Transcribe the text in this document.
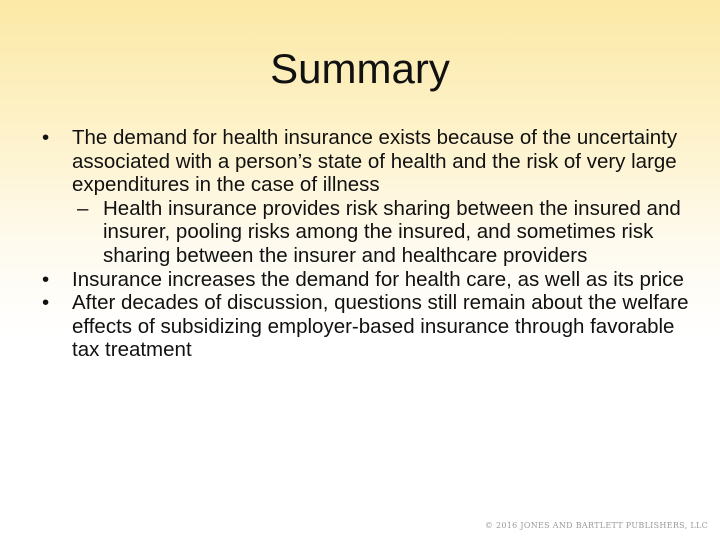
Summary
• The demand for health insurance exists because of the uncertainty associated with a person’s state of health and the risk of very large expenditures in the case of illness
– Health insurance provides risk sharing between the insured and insurer, pooling risks among the insured, and sometimes risk sharing between the insurer and healthcare providers
• Insurance increases the demand for health care, as well as its price
• After decades of discussion, questions still remain about the welfare effects of subsidizing employer-based insurance through favorable tax treatment
© 2016 JONES AND BARTLETT PUBLISHERS, LLC
